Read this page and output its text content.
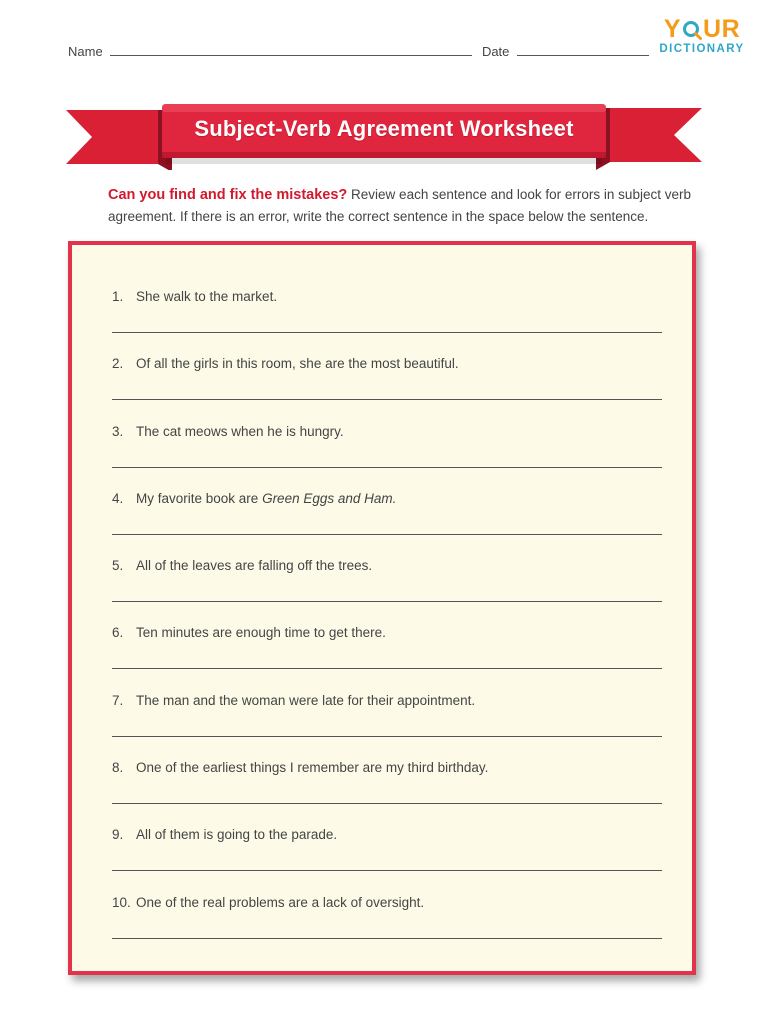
Name	Date
Y UR
DICTIONARY
Subject-Verb Agreement Worksheet
Can you find and fix the mistakes? Review each sentence and look for errors in subject verb agreement. If there is an error, write the correct sentence in the space below the sentence.
1. She walk to the market.
2. Of all the girls in this room, she are the most beautiful.
3. The cat meows when he is hungry.
4. My favorite book are Green Eggs and Ham.
5. All of the leaves are falling off the trees.
6. Ten minutes are enough time to get there.
7. The man and the woman were late for their appointment.
8. One of the earliest things I remember are my third birthday.
9. All of them is going to the parade.
10. One of the real problems are a lack of oversight.
